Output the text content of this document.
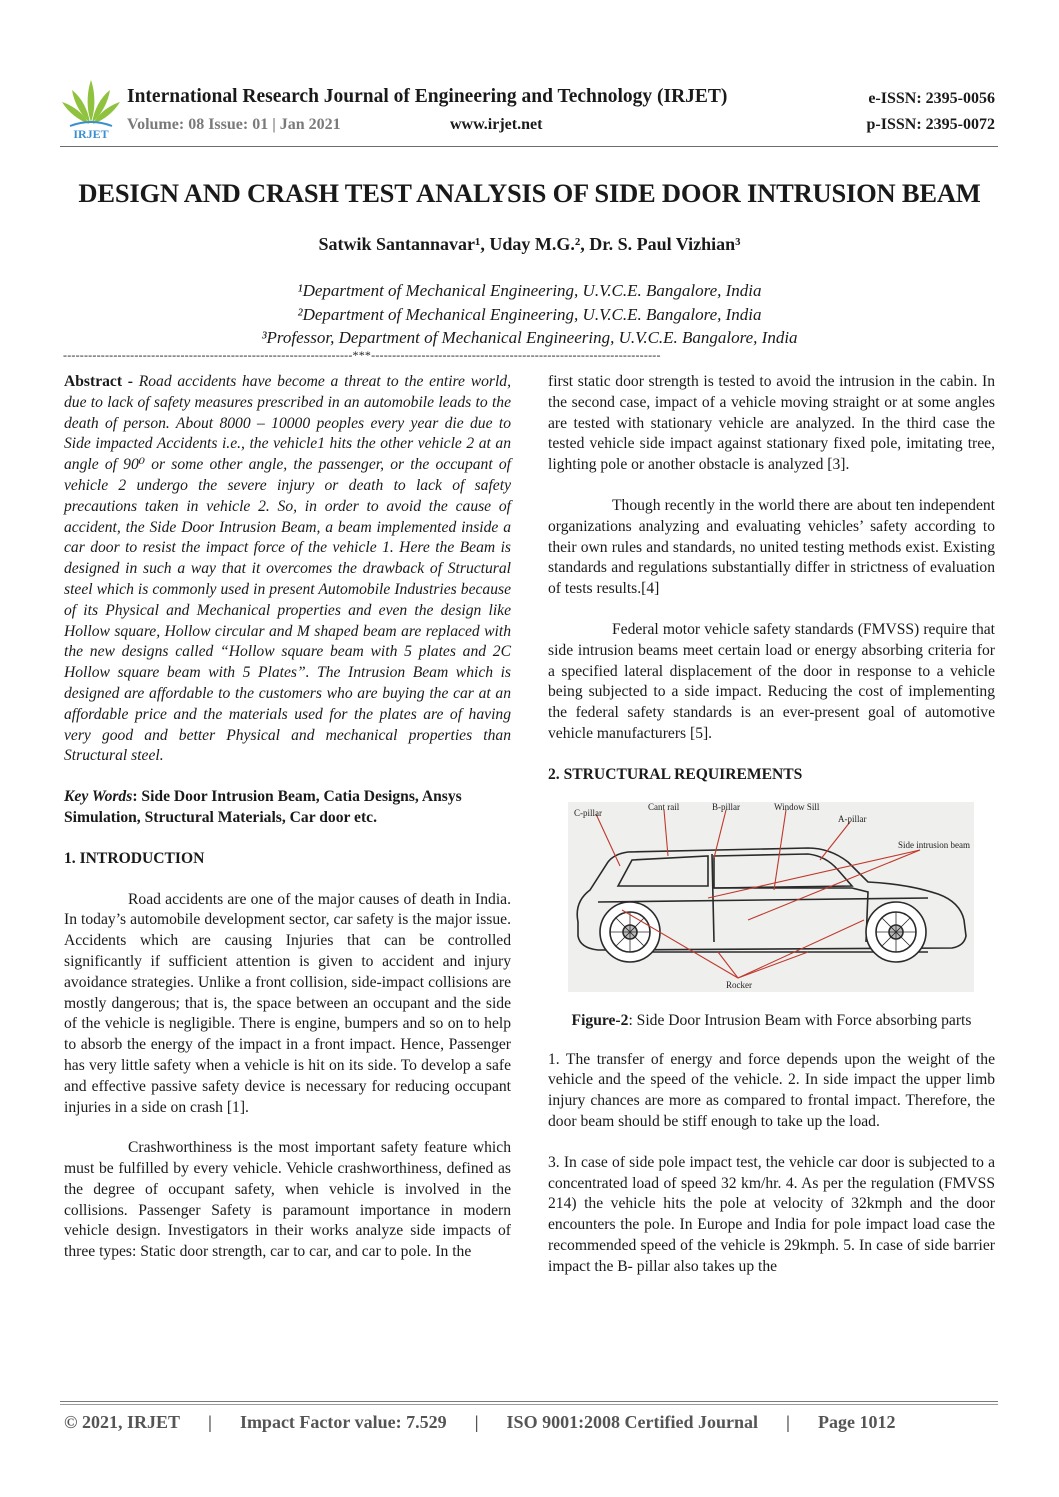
IRJET
International Research Journal of Engineering and Technology (IRJET)
Volume: 08 Issue: 01 | Jan 2021	www.irjet.net
e-ISSN: 2395-0056
p-ISSN: 2395-0072
DESIGN AND CRASH TEST ANALYSIS OF SIDE DOOR INTRUSION BEAM
Satwik Santannavar¹, Uday M.G.², Dr. S. Paul Vizhian³
¹Department of Mechanical Engineering, U.V.C.E. Bangalore, India
²Department of Mechanical Engineering, U.V.C.E. Bangalore, India
³Professor, Department of Mechanical Engineering, U.V.C.E. Bangalore, India
---------------------------------------------------------------------***---------------------------------------------------------------------

Abstract - Road accidents have become a threat to the entire world, due to lack of safety measures prescribed in an automobile leads to the death of person. About 8000 – 10000 peoples every year die due to Side impacted Accidents i.e., the vehicle1 hits the other vehicle 2 at an angle of 90⁰ or some other angle, the passenger, or the occupant of vehicle 2 undergo the severe injury or death to lack of safety precautions taken in vehicle 2. So, in order to avoid the cause of accident, the Side Door Intrusion Beam, a beam implemented inside a car door to resist the impact force of the vehicle 1. Here the Beam is designed in such a way that it overcomes the drawback of Structural steel which is commonly used in present Automobile Industries because of its Physical and Mechanical properties and even the design like Hollow square, Hollow circular and M shaped beam are replaced with the new designs called “Hollow square beam with 5 plates and 2C Hollow square beam with 5 Plates”. The Intrusion Beam which is designed are affordable to the customers who are buying the car at an affordable price and the materials used for the plates are of having very good and better Physical and mechanical properties than Structural steel.

Key Words: Side Door Intrusion Beam, Catia Designs, Ansys Simulation, Structural Materials, Car door etc.

1. INTRODUCTION

Road accidents are one of the major causes of death in India. In today’s automobile development sector, car safety is the major issue. Accidents which are causing Injuries that can be controlled significantly if sufficient attention is given to accident and injury avoidance strategies. Unlike a front collision, side-impact collisions are mostly dangerous; that is, the space between an occupant and the side of the vehicle is negligible. There is engine, bumpers and so on to help to absorb the energy of the impact in a front impact. Hence, Passenger has very little safety when a vehicle is hit on its side. To develop a safe and effective passive safety device is necessary for reducing occupant injuries in a side on crash [1].

Crashworthiness is the most important safety feature which must be fulfilled by every vehicle. Vehicle crashworthiness, defined as the degree of occupant safety, when vehicle is involved in the collisions. Passenger Safety is paramount importance in modern vehicle design. Investigators in their works analyze side impacts of three types: Static door strength, car to car, and car to pole. In the

first static door strength is tested to avoid the intrusion in the cabin. In the second case, impact of a vehicle moving straight or at some angles are tested with stationary vehicle are analyzed. In the third case the tested vehicle side impact against stationary fixed pole, imitating tree, lighting pole or another obstacle is analyzed [3].

Though recently in the world there are about ten independent organizations analyzing and evaluating vehicles’ safety according to their own rules and standards, no united testing methods exist. Existing standards and regulations substantially differ in strictness of evaluation of tests results.[4]

Federal motor vehicle safety standards (FMVSS) require that side intrusion beams meet certain load or energy absorbing criteria for a specified lateral displacement of the door in response to a vehicle being subjected to a side impact. Reducing the cost of implementing the federal safety standards is an ever-present goal of automotive vehicle manufacturers [5].

2. STRUCTURAL REQUIREMENTS

C-pillar
Cant rail	B-pillar	Window Sill
A-pillar
Side intrusion beam
Rocker

Figure-2: Side Door Intrusion Beam with Force absorbing parts

1. The transfer of energy and force depends upon the weight of the vehicle and the speed of the vehicle. 2. In side impact the upper limb injury chances are more as compared to frontal impact. Therefore, the door beam should be stiff enough to take up the load.

3. In case of side pole impact test, the vehicle car door is subjected to a concentrated load of speed 32 km/hr. 4. As per the regulation (FMVSS 214) the vehicle hits the pole at velocity of 32kmph and the door encounters the pole. In Europe and India for pole impact load case the recommended speed of the vehicle is 29kmph. 5. In case of side barrier impact the B- pillar also takes up the

© 2021, IRJET | Impact Factor value: 7.529 | ISO 9001:2008 Certified Journal | Page 1012
